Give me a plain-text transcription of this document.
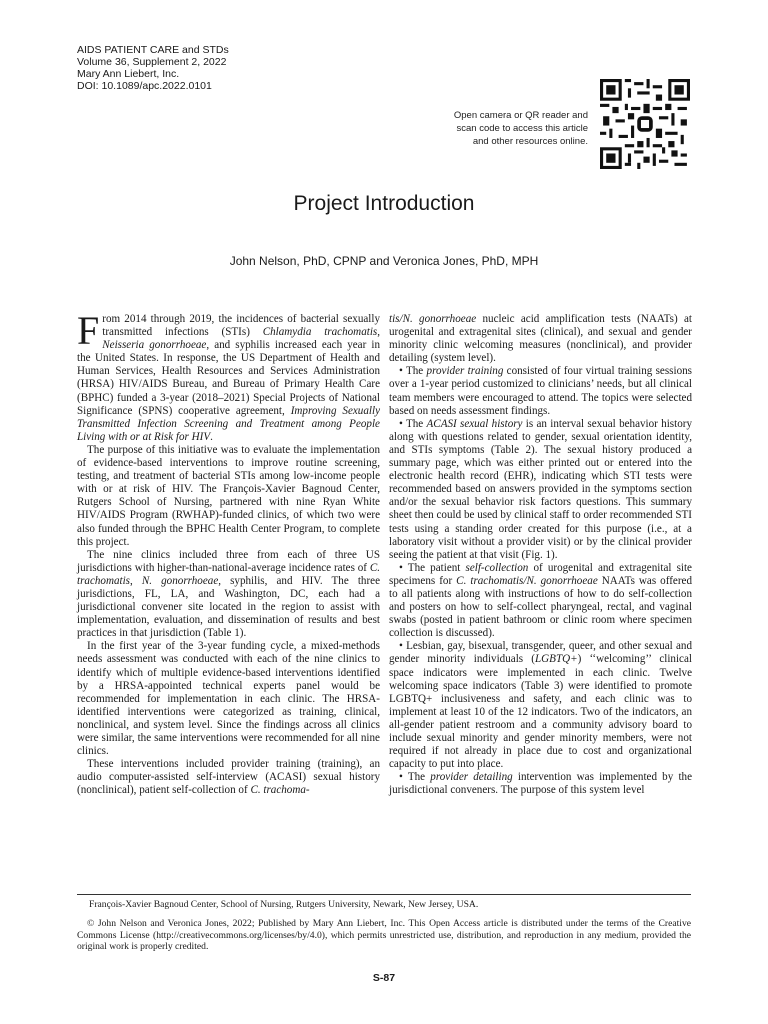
AIDS PATIENT CARE and STDs
Volume 36, Supplement 2, 2022
Mary Ann Liebert, Inc.
DOI: 10.1089/apc.2022.0101
Open camera or QR reader and
scan code to access this article
and other resources online.
Project Introduction
John Nelson, PhD, CPNP and Veronica Jones, PhD, MPH

From 2014 through 2019, the incidences of bacterial sexually transmitted infections (STIs) Chlamydia trachomatis, Neisseria gonorrhoeae, and syphilis increased each year in the United States. In response, the US Department of Health and Human Services, Health Resources and Services Administration (HRSA) HIV/AIDS Bureau, and Bureau of Primary Health Care (BPHC) funded a 3-year (2018–2021) Special Projects of National Significance (SPNS) cooperative agreement, Improving Sexually Transmitted Infection Screening and Treatment among People Living with or at Risk for HIV.

The purpose of this initiative was to evaluate the implementation of evidence-based interventions to improve routine screening, testing, and treatment of bacterial STIs among low-income people with or at risk of HIV. The François-Xavier Bagnoud Center, Rutgers School of Nursing, partnered with nine Ryan White HIV/AIDS Program (RWHAP)-funded clinics, of which two were also funded through the BPHC Health Center Program, to complete this project.

The nine clinics included three from each of three US jurisdictions with higher-than-national-average incidence rates of C. trachomatis, N. gonorrhoeae, syphilis, and HIV. The three jurisdictions, FL, LA, and Washington, DC, each had a jurisdictional convener site located in the region to assist with implementation, evaluation, and dissemination of results and best practices in that jurisdiction (Table 1).

In the first year of the 3-year funding cycle, a mixed-methods needs assessment was conducted with each of the nine clinics to identify which of multiple evidence-based interventions identified by a HRSA-appointed technical experts panel would be recommended for implementation in each clinic. The HRSA-identified interventions were categorized as training, clinical, nonclinical, and system level. Since the findings across all clinics were similar, the same interventions were recommended for all nine clinics.

These interventions included provider training (training), an audio computer-assisted self-interview (ACASI) sexual history (nonclinical), patient self-collection of C. trachoma-

tis/N. gonorrhoeae nucleic acid amplification tests (NAATs) at urogenital and extragenital sites (clinical), and sexual and gender minority clinic welcoming measures (nonclinical), and provider detailing (system level).

• The provider training consisted of four virtual training sessions over a 1-year period customized to clinicians’ needs, but all clinical team members were encouraged to attend. The topics were selected based on needs assessment findings.

• The ACASI sexual history is an interval sexual behavior history along with questions related to gender, sexual orientation identity, and STIs symptoms (Table 2). The sexual history produced a summary page, which was either printed out or entered into the electronic health record (EHR), indicating which STI tests were recommended based on answers provided in the symptoms section and/or the sexual behavior risk factors questions. This summary sheet then could be used by clinical staff to order recommended STI tests using a standing order created for this purpose (i.e., at a laboratory visit without a provider visit) or by the clinical provider seeing the patient at that visit (Fig. 1).

• The patient self-collection of urogenital and extragenital site specimens for C. trachomatis/N. gonorrhoeae NAATs was offered to all patients along with instructions of how to do self-collection and posters on how to self-collect pharyngeal, rectal, and vaginal swabs (posted in patient bathroom or clinic room where specimen collection is discussed).

• Lesbian, gay, bisexual, transgender, queer, and other sexual and gender minority individuals (LGBTQ+) ‘‘welcoming’’ clinical space indicators were implemented in each clinic. Twelve welcoming space indicators (Table 3) were identified to promote LGBTQ+ inclusiveness and safety, and each clinic was to implement at least 10 of the 12 indicators. Two of the indicators, an all-gender patient restroom and a community advisory board to include sexual minority and gender minority members, were not required if not already in place due to cost and organizational capacity to put into place.

• The provider detailing intervention was implemented by the jurisdictional conveners. The purpose of this system level

François-Xavier Bagnoud Center, School of Nursing, Rutgers University, Newark, New Jersey, USA.
© John Nelson and Veronica Jones, 2022; Published by Mary Ann Liebert, Inc. This Open Access article is distributed under the terms of the Creative Commons License (http://creativecommons.org/licenses/by/4.0), which permits unrestricted use, distribution, and reproduction in any medium, provided the original work is properly credited.
S-87
